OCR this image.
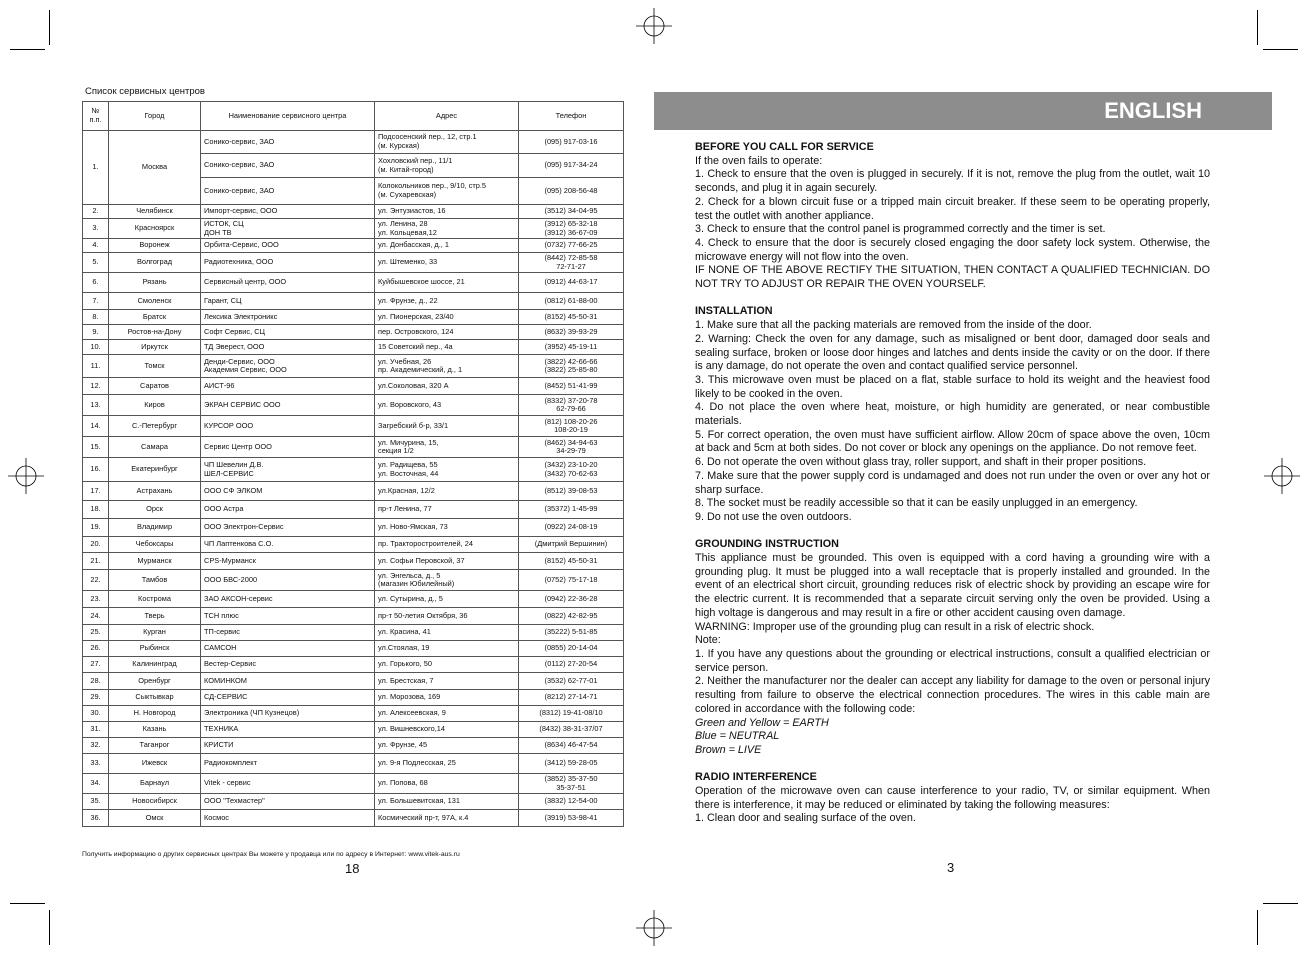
Список сервисных центров
№ п.п.	Город	Наименование сервисного центра	Адрес	Телефон
1.	Москва	Сонико-сервис, ЗАО	Подсосенский пер., 12, стр.1
(м. Курская)	(095) 917-03-16
		Сонико-сервис, ЗАО	Хохловский пер., 11/1
(м. Китай-город)	(095) 917-34-24
		Сонико-сервис, ЗАО	Колокольников пер., 9/10, стр.5
(м. Сухаревская)	(095) 208-56-48
2.	Челябинск	Импорт-сервис, ООО	ул. Энтузиастов, 16	(3512) 34-04-95
3.	Красноярск	ИСТОК, СЦ
ДОН ТВ	ул. Ленина, 28
ул. Кольцевая,12	(3912) 65-32-18
(3912) 36-67-09
4.	Воронеж	Орбита-Сервис, ООО	ул. Донбасская, д., 1	(0732) 77-66-25
5.	Волгоград	Радиотехника, ООО	ул. Штеменко, 33	(8442) 72-85-58
72-71-27
6.	Рязань	Сервисный центр, ООО	Куйбышевское шоссе, 21	(0912) 44-63-17
7.	Смоленск	Гарант, СЦ	ул. Фрунзе, д., 22	(0812) 61-88-00
8.	Братск	Лексика Электроникс	ул. Пионерская, 23/40	(8152) 45-50-31
9.	Ростов-на-Дону	Софт Сервис, СЦ	пер. Островского, 124	(8632) 39-93-29
10.	Иркутск	ТД Эверест, ООО	15 Советский пер., 4а	(3952) 45-19-11
11.	Томск	Денди-Сервис, ООО
Академия Сервис, ООО	ул. Учебная, 26
пр. Академический, д., 1	(3822) 42-66-66
(3822) 25-85-80
12.	Саратов	АИСТ-96	ул.Соколовая, 320 А	(8452) 51-41-99
13.	Киров	ЭКРАН СЕРВИС ООО	ул. Воровского, 43	(8332) 37-20-78
62-79-66
14.	С.-Петербург	КУРСОР ООО	Загребский б-р, 33/1	(812) 108-20-26
108-20-19
15.	Самара	Сервис Центр ООО	ул. Мичурина, 15,
секция 1/2	(8462) 34-94-63
34-29-79
16.	Екатеринбург	ЧП Шевелин Д.В.
ШЕЛ-СЕРВИС	ул. Радищева, 55
ул. Восточная, 44	(3432) 23-10-20
(3432) 70-62-63
17.	Астрахань	ООО СФ ЭЛКОМ	ул.Красная, 12/2	(8512) 39-08-53
18.	Орск	ООО Астра	пр-т Ленина, 77	(35372) 1-45-99
19.	Владимир	ООО Электрон-Сервис	ул. Ново-Ямская, 73	(0922) 24-08-19
20.	Чебоксары	ЧП Лаптенкова С.О.	пр. Тракторостроителей, 24	(Дмитрий Вершинин)
21.	Мурманск	CPS-Мурманск	ул. Софьи Перовской, 37	(8152) 45-50-31
22.	Тамбов	ООО БВС-2000	ул. Энгельса, д., 5
(магазин Юбилейный)	(0752) 75-17-18
23.	Кострома	ЗАО АКСОН-сервис	ул. Сутырина, д., 5	(0942) 22-36-28
24.	Тверь	ТСН плюс	пр-т 50-летия Октября, 36	(0822) 42-82-95
25.	Курган	ТП-сервис	ул. Красина, 41	(35222) 5-51-85
26.	Рыбинск	САМСОН	ул.Стоялая, 19	(0855) 20-14-04
27.	Калининград	Вестер-Сервис	ул. Горького, 50	(0112) 27-20-54
28.	Оренбург	КОМИНКОМ	ул. Брестская, 7	(3532) 62-77-01
29.	Сыктывкар	СД-СЕРВИС	ул. Морозова, 169	(8212) 27-14-71
30.	Н. Новгород	Электроника (ЧП Кузнецов)	ул. Алексеевская, 9	(8312) 19-41-08/10
31.	Казань	ТЕХНИКА	ул. Вишневского,14	(8432) 38-31-37/07
32.	Таганрог	КРИСТИ	ул. Фрунзе, 45	(8634) 46-47-54
33.	Ижевск	Радиокомплект	ул. 9-я Подлесская, 25	(3412) 59-28-05
34.	Барнаул	Vitek - сервис	ул. Попова, 68	(3852) 35-37-50
35-37-51
35.	Новосибирск	ООО "Техмастер"	ул. Большевитская, 131	(3832) 12-54-00
36.	Омск	Космос	Космический пр-т, 97А, к.4	(3919) 53-98-41
Получить информацию о других сервисных центрах Вы можете у продавца или по адресу в Интернет: www.vitek-aus.ru
18
ENGLISH
BEFORE YOU CALL FOR SERVICE

If the oven fails to operate:

1. Check to ensure that the oven is plugged in securely. If it is not, remove the plug from the outlet, wait 10 seconds, and plug it in again securely.

2. Check for a blown circuit fuse or a tripped main circuit breaker. If these seem to be operating properly, test the outlet with another appliance.

3. Check to ensure that the control panel is programmed correctly and the timer is set.

4. Check to ensure that the door is securely closed engaging the door safety lock system. Otherwise, the microwave energy will not flow into the oven.

IF NONE OF THE ABOVE RECTIFY THE SITUATION, THEN CONTACT A QUALIFIED TECHNICIAN. DO NOT TRY TO ADJUST OR REPAIR THE OVEN YOURSELF.

INSTALLATION

1. Make sure that all the packing materials are removed from the inside of the door.

2. Warning: Check the oven for any damage, such as misaligned or bent door, damaged door seals and sealing surface, broken or loose door hinges and latches and dents inside the cavity or on the door. If there is any damage, do not operate the oven and contact qualified service personnel.

3. This microwave oven must be placed on a flat, stable surface to hold its weight and the heaviest food likely to be cooked in the oven.

4. Do not place the oven where heat, moisture, or high humidity are generated, or near combustible materials.

5. For correct operation, the oven must have sufficient airflow. Allow 20cm of space above the oven, 10cm at back and 5cm at both sides. Do not cover or block any openings on the appliance. Do not remove feet.

6. Do not operate the oven without glass tray, roller support, and shaft in their proper positions.

7. Make sure that the power supply cord is undamaged and does not run under the oven or over any hot or sharp surface.

8. The socket must be readily accessible so that it can be easily unplugged in an emergency.

9. Do not use the oven outdoors.

GROUNDING INSTRUCTION

This appliance must be grounded. This oven is equipped with a cord having a grounding wire with a grounding plug. It must be plugged into a wall receptacle that is properly installed and grounded. In the event of an electrical short circuit, grounding reduces risk of electric shock by providing an escape wire for the electric current. It is recommended that a separate circuit serving only the oven be provided. Using a high voltage is dangerous and may result in a fire or other accident causing oven damage.

WARNING: Improper use of the grounding plug can result in a risk of electric shock.

Note:

1. If you have any questions about the grounding or electrical instructions, consult a qualified electrician or service person.

2. Neither the manufacturer nor the dealer can accept any liability for damage to the oven or personal injury resulting from failure to observe the electrical connection procedures. The wires in this cable main are colored in accordance with the following code:

Green and Yellow = EARTH

Blue = NEUTRAL

Brown = LIVE

RADIO INTERFERENCE

Operation of the microwave oven can cause interference to your radio, TV, or similar equipment. When there is interference, it may be reduced or eliminated by taking the following measures:

1. Clean door and sealing surface of the oven.

3
